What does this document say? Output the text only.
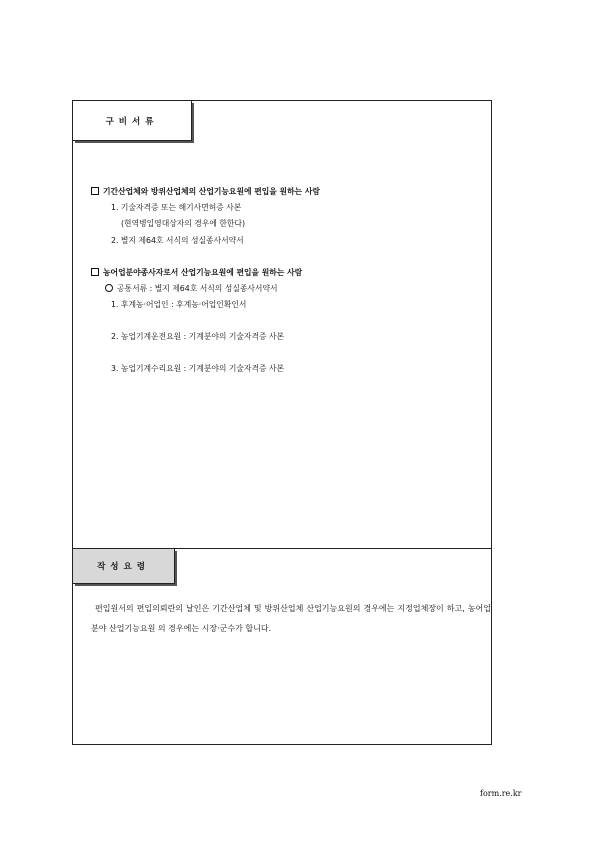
구비서류
기간산업체와 방위산업체의 산업기능요원에 편입을 원하는 사람
1. 기술자격증 또는 해기사면허증 사본
(현역병입영대상자의 경우에 한한다)
2. 별지 제64호 서식의 성실종사서약서
농어업분야종사자로서 산업기능요원에 편입을 원하는 사람
공통서류 : 별지 제64호 서식의 성실종사서약서
1. 후계농·어업인 : 후계농·어업인확인서
2. 농업기계운전요원 : 기계분야의 기술자격증 사본
3. 농업기계수리요원 : 기계분야의 기술자격증 사본
작성요령
편입원서의 편입의뢰란의 날인은 기간산업체 및 방위산업체 산업기능요원의 경우에는 지정업체장이 하고, 농어업분야 산업기능요원 의 경우에는 시장·군수가 합니다.
form.re.kr
